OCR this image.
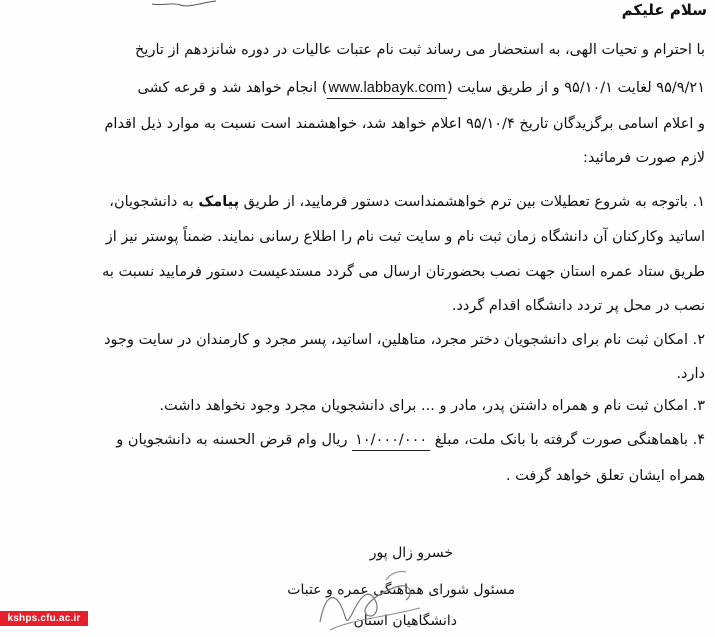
سلام علیکم
با احترام و تحیات الهی، به استحضار می رساند ثبت نام عتبات عالیات در دوره شانزدهم از تاریخ
۹۵/۹/۲۱ لغایت ۹۵/۱۰/۱ و از طریق سایت (www.labbayk.com) انجام خواهد شد و قرعه کشی
و اعلام اسامی برگزیدگان تاریخ ۹۵/۱۰/۴ اعلام خواهد شد، خواهشمند است نسبت به موارد ذیل اقدام
لازم صورت فرمائید:
۱. باتوجه به شروع تعطیلات بین ترم خواهشمنداست دستور فرمایید، از طریق پیامک به دانشجویان،
اساتید وکارکنان آن دانشگاه زمان ثبت نام و سایت ثبت نام را اطلاع رسانی نمایند. ضمناً پوستر نیز از
طریق ستاد عمره استان جهت نصب بحضورتان ارسال می گردد مستدعیست دستور فرمایید نسبت به
نصب در محل پر تردد دانشگاه اقدام گردد.
۲. امکان ثبت نام برای دانشجویان دختر مجرد، متاهلین، اساتید، پسر مجرد و کارمندان در سایت وجود
دارد.
۳. امکان ثبت نام و همراه داشتن پدر، مادر و ... برای دانشجویان مجرد وجود نخواهد داشت.
۴. باهماهنگی صورت گرفته با بانک ملت، مبلغ ۱۰/۰۰۰/۰۰۰ ریال وام قرض الحسنه به دانشجویان و
همراه ایشان تعلق خواهد گرفت .
خسرو زال پور
مسئول شورای هماهنگی عمره و عتبات
دانشگاهیان استان
kshps.cfu.ac.ir
